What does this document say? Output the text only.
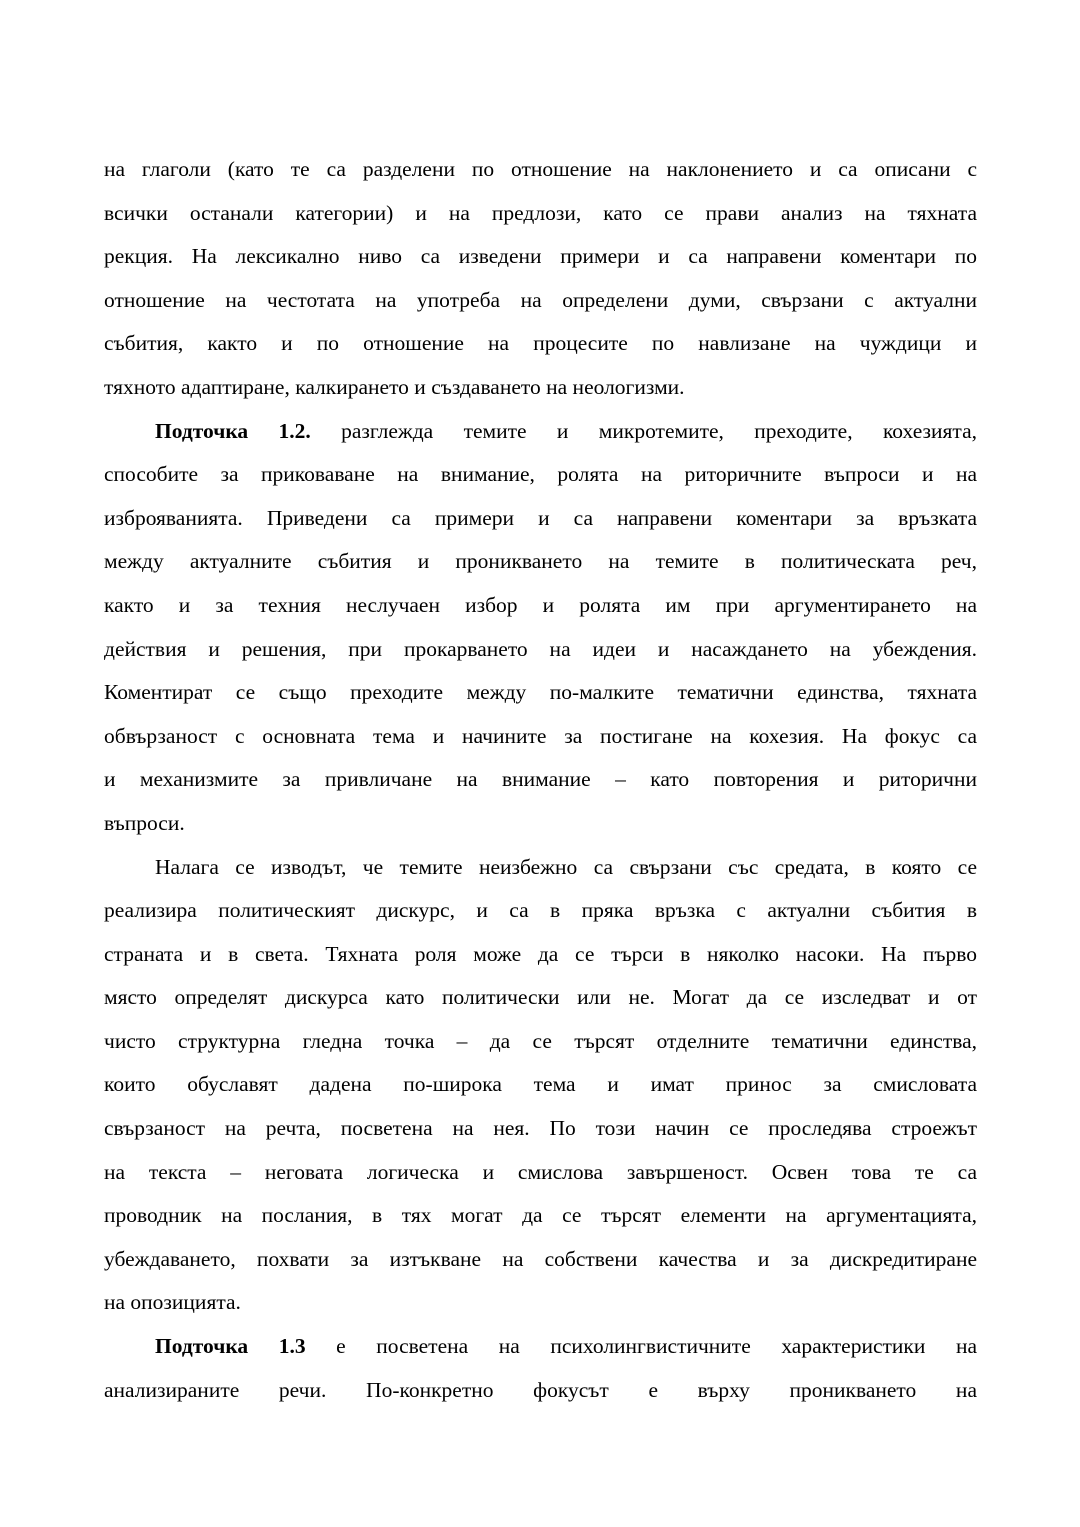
на глаголи (като те са разделени по отношение на наклонението и са описани с
всички останали категории) и на предлози, като се прави анализ на тяхната
рекция. На лексикално ниво са изведени примери и са направени коментари по
отношение на честотата на употреба на определени думи, свързани с актуални
събития, както и по отношение на процесите по навлизане на чуждици и
тяхното адаптиране, калкирането и създаването на неологизми.
Подточка 1.2. разглежда темите и микротемите, преходите, кохезията,
способите за приковаване на внимание, ролята на риторичните въпроси и на
изброяванията. Приведени са примери и са направени коментари за връзката
между актуалните събития и проникването на темите в политическата реч,
както и за техния неслучаен избор и ролята им при аргументирането на
действия и решения, при прокарването на идеи и насаждането на убеждения.
Коментират се също преходите между по-малките тематични единства, тяхната
обвързаност с основната тема и начините за постигане на кохезия. На фокус са
и механизмите за привличане на внимание – като повторения и риторични
въпроси.
Налага се изводът, че темите неизбежно са свързани със средата, в която се
реализира политическият дискурс, и са в пряка връзка с актуални събития в
страната и в света. Тяхната роля може да се търси в няколко насоки. На първо
място определят дискурса като политически или не. Могат да се изследват и от
чисто структурна гледна точка – да се търсят отделните тематични единства,
които обуславят дадена по-широка тема и имат принос за смисловата
свързаност на речта, посветена на нея. По този начин се проследява строежът
на текста – неговата логическа и смислова завършеност. Освен това те са
проводник на послания, в тях могат да се търсят елементи на аргументацията,
убеждаването, похвати за изтъкване на собствени качества и за дискредитиране
на опозицията.
Подточка 1.3 е посветена на психолингвистичните характеристики на
анализираните речи. По-конкретно фокусът е върху проникването на
